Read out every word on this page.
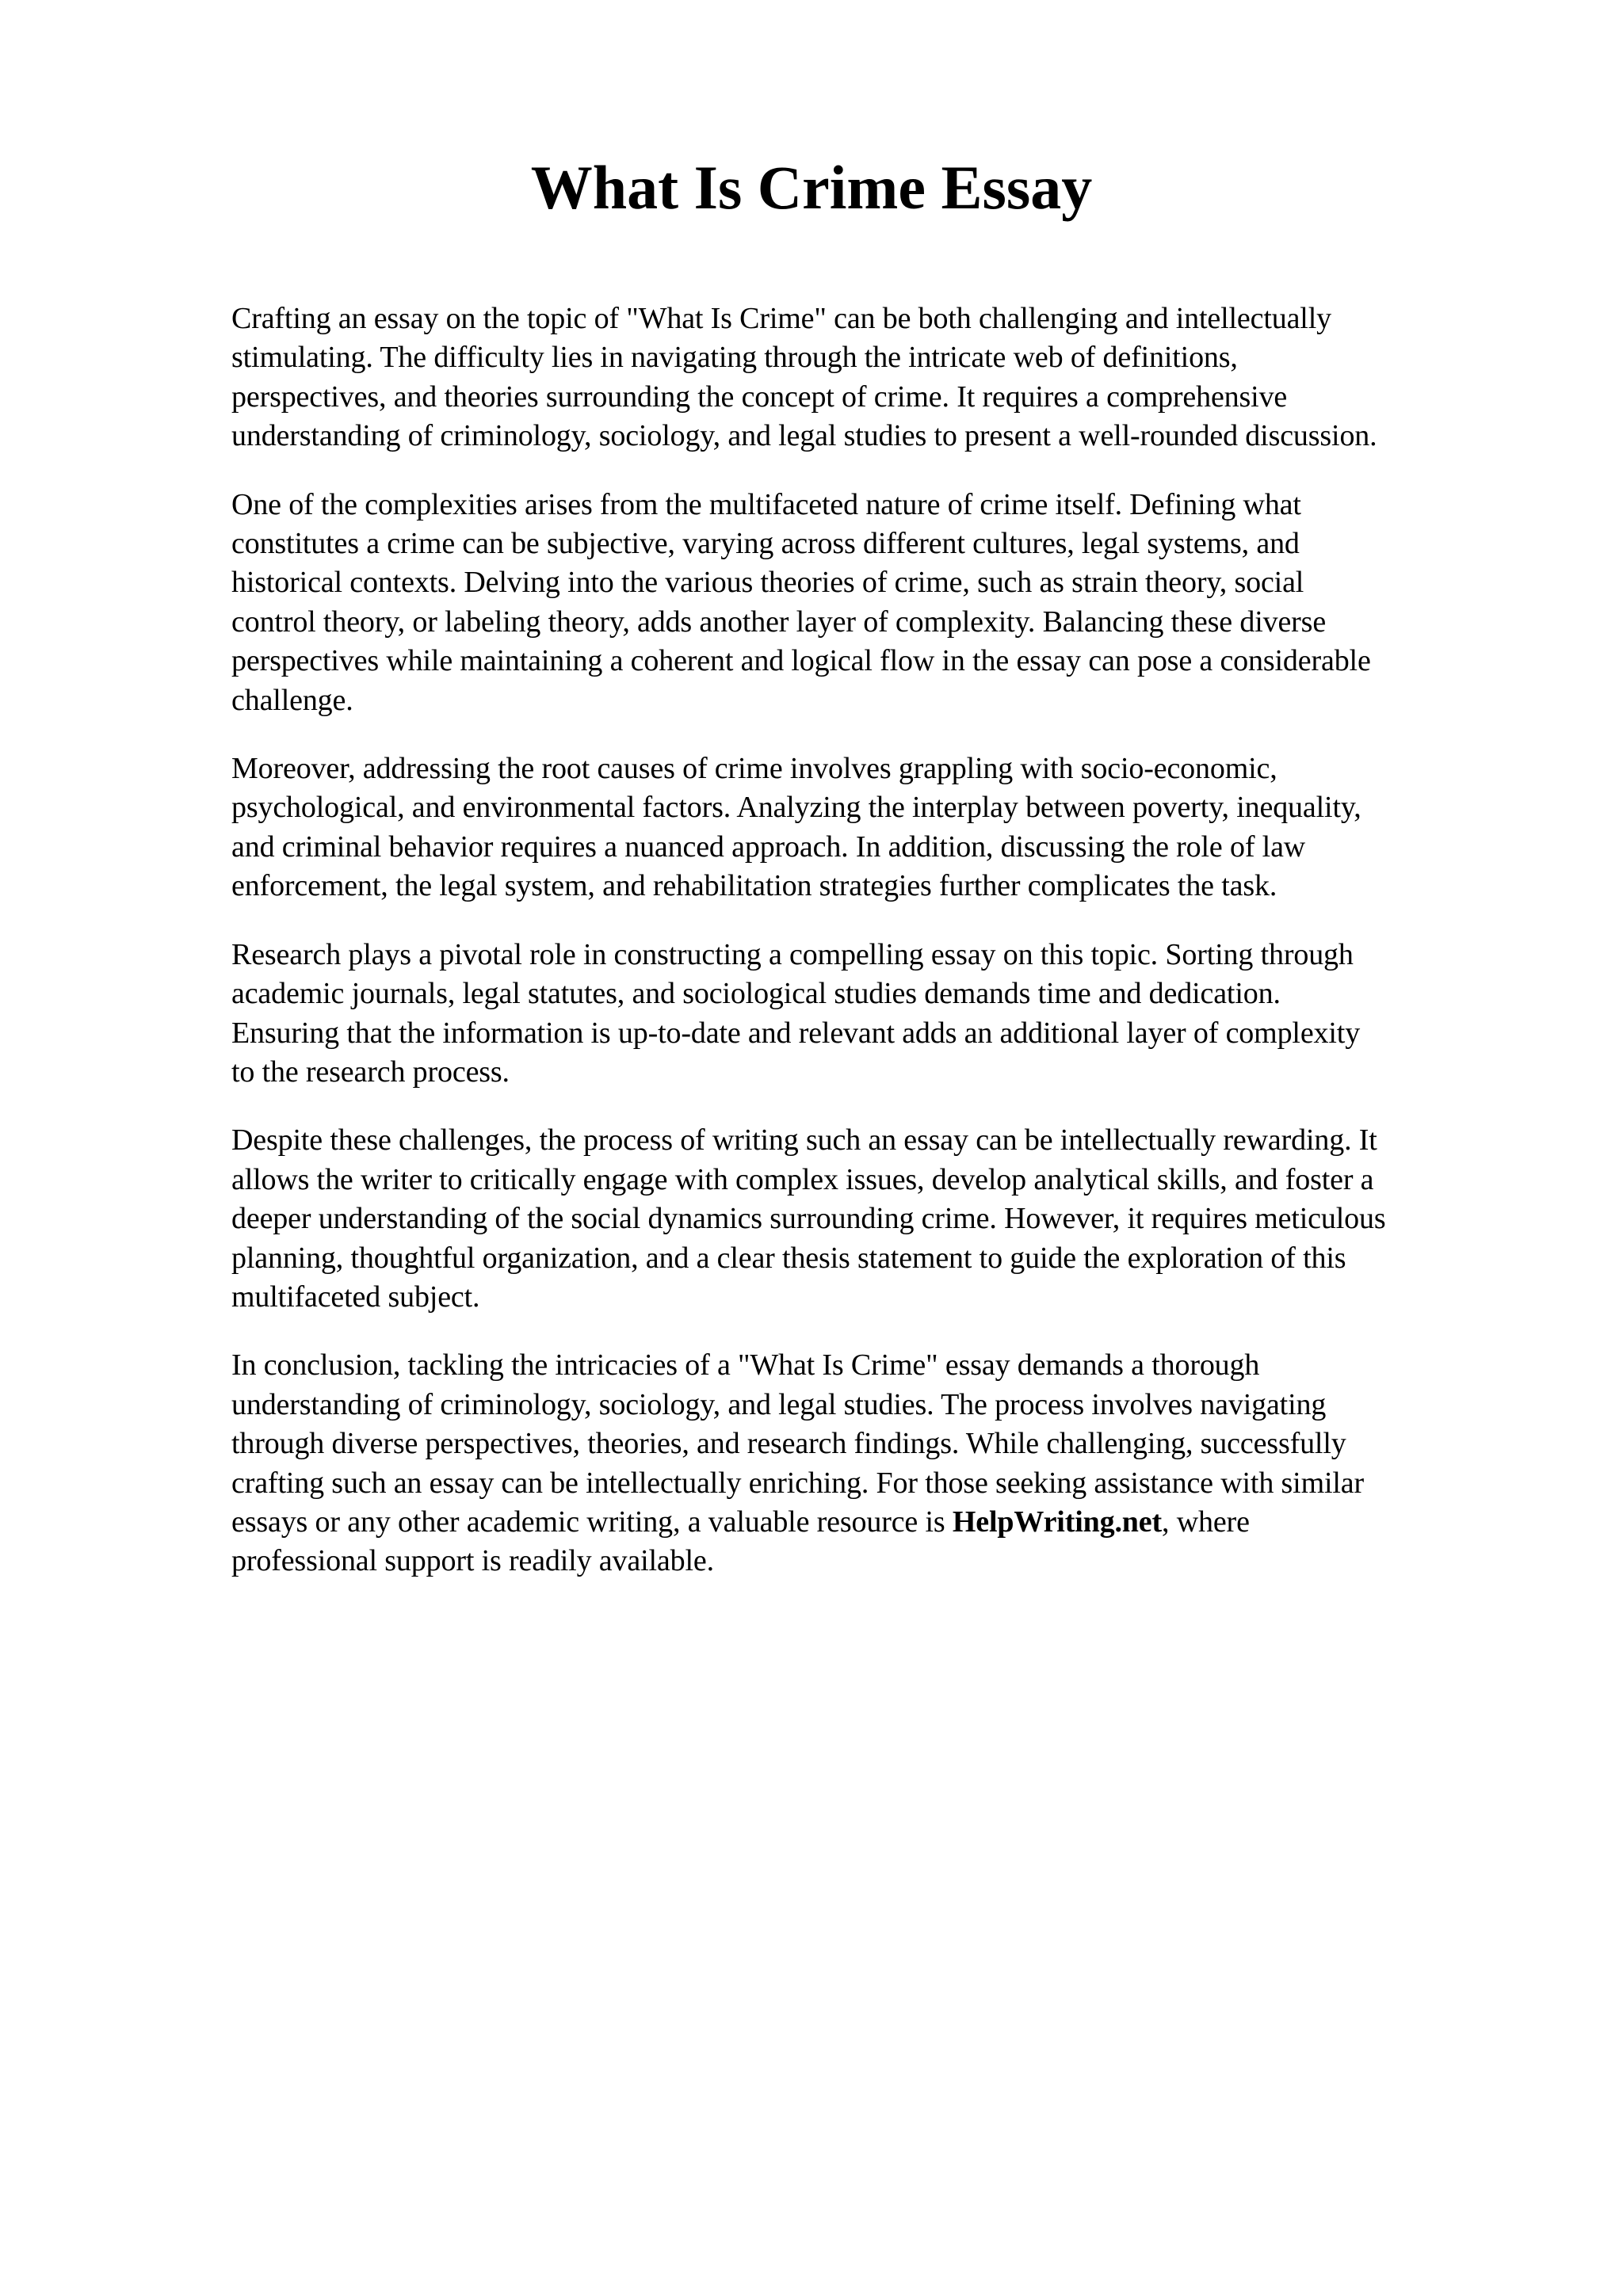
What Is Crime Essay

Crafting an essay on the topic of "What Is Crime" can be both challenging and intellectually
stimulating. The difficulty lies in navigating through the intricate web of definitions,
perspectives, and theories surrounding the concept of crime. It requires a comprehensive
understanding of criminology, sociology, and legal studies to present a well-rounded discussion.

One of the complexities arises from the multifaceted nature of crime itself. Defining what
constitutes a crime can be subjective, varying across different cultures, legal systems, and
historical contexts. Delving into the various theories of crime, such as strain theory, social
control theory, or labeling theory, adds another layer of complexity. Balancing these diverse
perspectives while maintaining a coherent and logical flow in the essay can pose a considerable
challenge.

Moreover, addressing the root causes of crime involves grappling with socio-economic,
psychological, and environmental factors. Analyzing the interplay between poverty, inequality,
and criminal behavior requires a nuanced approach. In addition, discussing the role of law
enforcement, the legal system, and rehabilitation strategies further complicates the task.

Research plays a pivotal role in constructing a compelling essay on this topic. Sorting through
academic journals, legal statutes, and sociological studies demands time and dedication.
Ensuring that the information is up-to-date and relevant adds an additional layer of complexity
to the research process.

Despite these challenges, the process of writing such an essay can be intellectually rewarding. It
allows the writer to critically engage with complex issues, develop analytical skills, and foster a
deeper understanding of the social dynamics surrounding crime. However, it requires meticulous
planning, thoughtful organization, and a clear thesis statement to guide the exploration of this
multifaceted subject.

In conclusion, tackling the intricacies of a "What Is Crime" essay demands a thorough
understanding of criminology, sociology, and legal studies. The process involves navigating
through diverse perspectives, theories, and research findings. While challenging, successfully
crafting such an essay can be intellectually enriching. For those seeking assistance with similar
essays or any other academic writing, a valuable resource is HelpWriting.net, where
professional support is readily available.
